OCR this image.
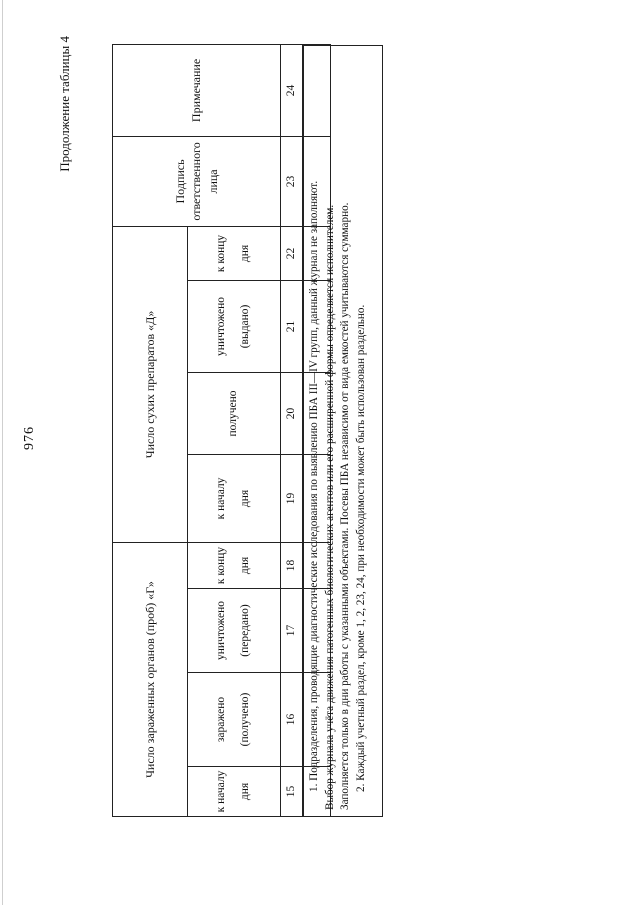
976
Продолжение таблицы 4
Число зараженных органов (проб) «Г»				Число сухих препаратов «Д»				Подпись ответственного лица	Примечание
к началу дня	заражено (получено)	уничтожено (передано)	к концу дня	к началу дня	получено	уничтожено (выдано)	к концу дня		

15	16	17	18	19	20	21	22	23	24

1. Подразделения, проводящие диагностические исследования по выявлению ПБА III—IV групп, данный журнал не заполняют. Выбор журнала учёта движения патогенных биологических агентов или его расширенной формы определяется исполнителем. Заполняется только в дни работы с указанными объектами. Посевы ПБА независимо от вида емкостей учитываются суммарно. 2. Каждый учетный раздел, кроме 1, 2, 23, 24, при необходимости может быть использован раздельно.
